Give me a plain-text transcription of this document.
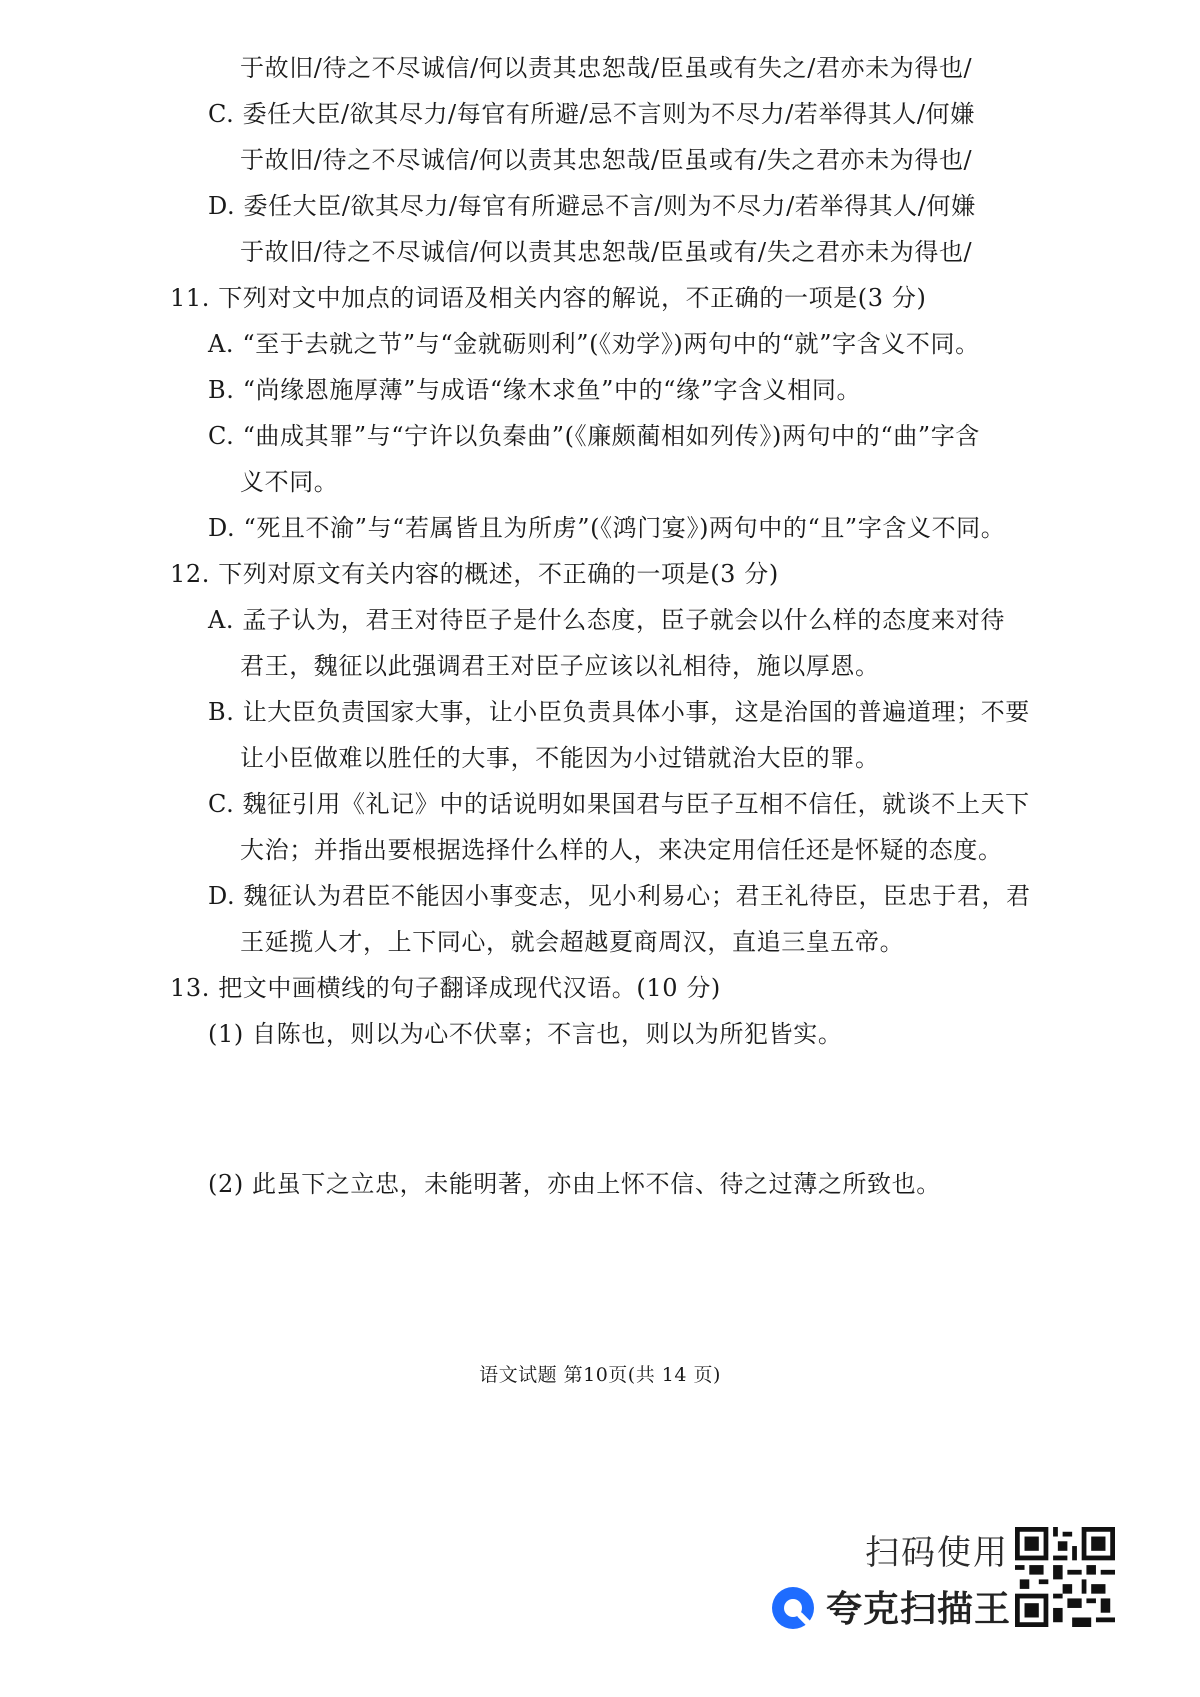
于故旧/待之不尽诚信/何以责其忠恕哉/臣虽或有失之/君亦未为得也/
C. 委任大臣/欲其尽力/每官有所避/忌不言则为不尽力/若举得其人/何嫌
于故旧/待之不尽诚信/何以责其忠恕哉/臣虽或有/失之君亦未为得也/
D. 委任大臣/欲其尽力/每官有所避忌不言/则为不尽力/若举得其人/何嫌
于故旧/待之不尽诚信/何以责其忠恕哉/臣虽或有/失之君亦未为得也/
11. 下列对文中加点的词语及相关内容的解说，不正确的一项是(3 分)
A. “至于去就之节”与“金就砺则利”(《劝学》)两句中的“就”字含义不同。
B. “尚缘恩施厚薄”与成语“缘木求鱼”中的“缘”字含义相同。
C. “曲成其罪”与“宁许以负秦曲”(《廉颇蔺相如列传》)两句中的“曲”字含
义不同。
D. “死且不渝”与“若属皆且为所虏”(《鸿门宴》)两句中的“且”字含义不同。
12. 下列对原文有关内容的概述，不正确的一项是(3 分)
A. 孟子认为，君王对待臣子是什么态度，臣子就会以什么样的态度来对待
君王，魏征以此强调君王对臣子应该以礼相待，施以厚恩。
B. 让大臣负责国家大事，让小臣负责具体小事，这是治国的普遍道理；不要
让小臣做难以胜任的大事，不能因为小过错就治大臣的罪。
C. 魏征引用《礼记》中的话说明如果国君与臣子互相不信任，就谈不上天下
大治；并指出要根据选择什么样的人，来决定用信任还是怀疑的态度。
D. 魏征认为君臣不能因小事变志，见小利易心；君王礼待臣，臣忠于君，君
王延揽人才，上下同心，就会超越夏商周汉，直追三皇五帝。
13. 把文中画横线的句子翻译成现代汉语。(10 分)
(1) 自陈也，则以为心不伏辜；不言也，则以为所犯皆实。
(2) 此虽下之立忠，未能明著，亦由上怀不信、待之过薄之所致也。
语文试题 第10页(共 14 页)
扫码使用
夸克扫描王
